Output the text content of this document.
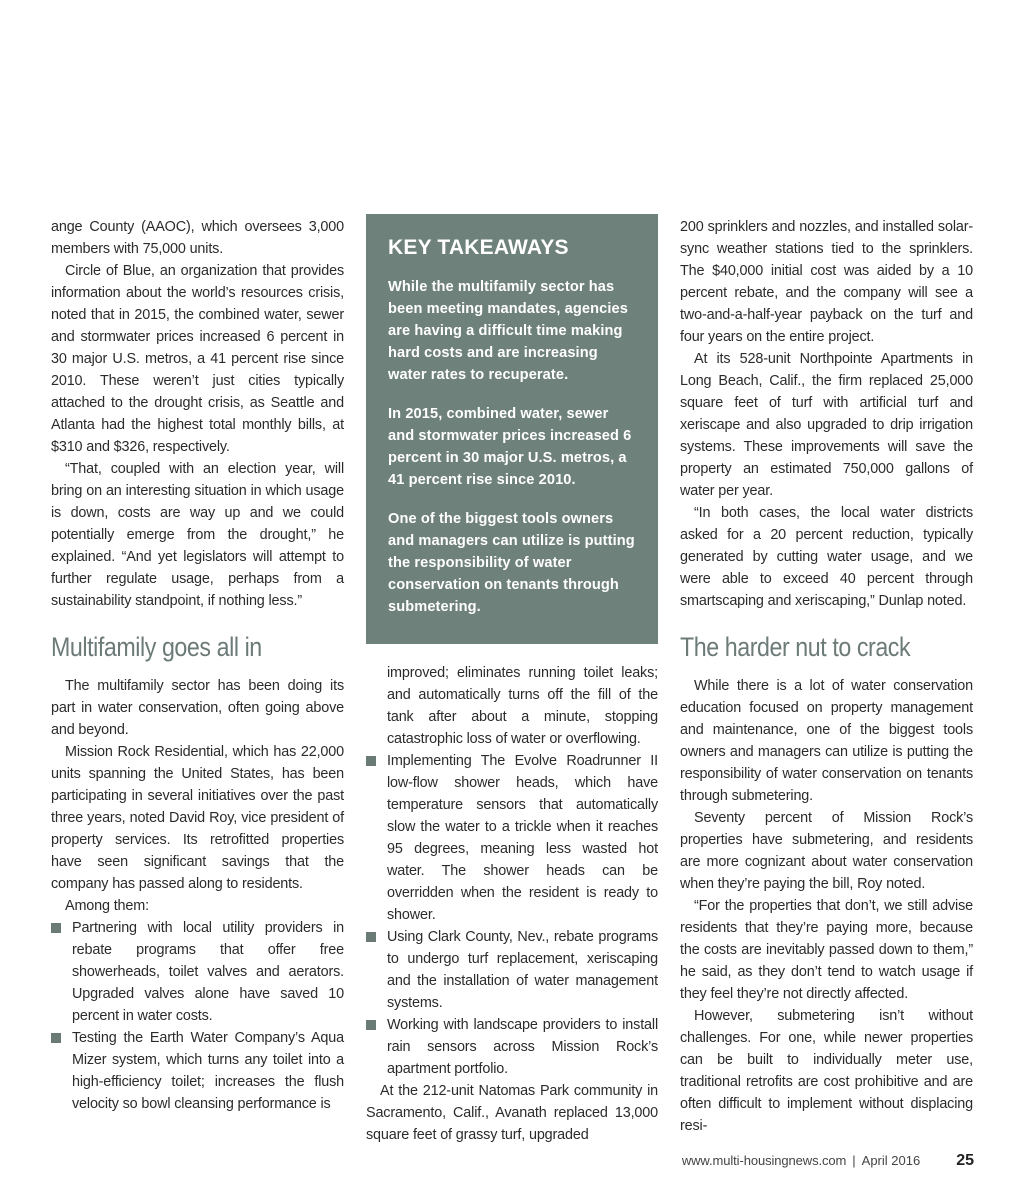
ange County (AAOC), which oversees 3,000 members with 75,000 units.

Circle of Blue, an organization that provides information about the world’s resources crisis, noted that in 2015, the combined water, sewer and stormwater prices increased 6 percent in 30 major U.S. metros, a 41 percent rise since 2010. These weren’t just cities typically attached to the drought crisis, as Seattle and Atlanta had the highest total monthly bills, at $310 and $326, respectively.

“That, coupled with an election year, will bring on an interesting situation in which usage is down, costs are way up and we could potentially emerge from the drought,” he explained. “And yet legislators will attempt to further regulate usage, perhaps from a sustainability standpoint, if nothing less.”

Multifamily goes all in

The multifamily sector has been doing its part in water conservation, often going above and beyond.

Mission Rock Residential, which has 22,000 units spanning the United States, has been participating in several initiatives over the past three years, noted David Roy, vice president of property services. Its retrofitted properties have seen significant savings that the company has passed along to residents.

Among them:

Partnering with local utility providers in rebate programs that offer free showerheads, toilet valves and aerators. Upgraded valves alone have saved 10 percent in water costs.
Testing the Earth Water Company’s Aqua Mizer system, which turns any toilet into a high-efficiency toilet; increases the flush velocity so bowl cleansing performance is
KEY TAKEAWAYS

While the multifamily sector has been meeting mandates, agencies are having a difficult time making hard costs and are increasing water rates to recuperate.

In 2015, combined water, sewer and stormwater prices increased 6 percent in 30 major U.S. metros, a 41 percent rise since 2010.

One of the biggest tools owners and managers can utilize is putting the responsibility of water conservation on tenants through submetering.

improved; eliminates running toilet leaks; and automatically turns off the fill of the tank after about a minute, stopping catastrophic loss of water or overflowing.
Implementing The Evolve Roadrunner II low-flow shower heads, which have temperature sensors that automatically slow the water to a trickle when it reaches 95 degrees, meaning less wasted hot water. The shower heads can be overridden when the resident is ready to shower.
Using Clark County, Nev., rebate programs to undergo turf replacement, xeriscaping and the installation of water management systems.
Working with landscape providers to install rain sensors across Mission Rock’s apartment portfolio.

At the 212-unit Natomas Park community in Sacramento, Calif., Avanath replaced 13,000 square feet of grassy turf, upgraded

200 sprinklers and nozzles, and installed solar-sync weather stations tied to the sprinklers. The $40,000 initial cost was aided by a 10 percent rebate, and the company will see a two-and-a-half-year payback on the turf and four years on the entire project.

At its 528-unit Northpointe Apartments in Long Beach, Calif., the firm replaced 25,000 square feet of turf with artificial turf and xeriscape and also upgraded to drip irrigation systems. These improvements will save the property an estimated 750,000 gallons of water per year.

“In both cases, the local water districts asked for a 20 percent reduction, typically generated by cutting water usage, and we were able to exceed 40 percent through smartscaping and xeriscaping,” Dunlap noted.

The harder nut to crack

While there is a lot of water conservation education focused on property management and maintenance, one of the biggest tools owners and managers can utilize is putting the responsibility of water conservation on tenants through submetering.

Seventy percent of Mission Rock’s properties have submetering, and residents are more cognizant about water conservation when they’re paying the bill, Roy noted.

“For the properties that don’t, we still advise residents that they’re paying more, because the costs are inevitably passed down to them,” he said, as they don’t tend to watch usage if they feel they’re not directly affected.

However, submetering isn’t without challenges. For one, while newer properties can be built to individually meter use, traditional retrofits are cost prohibitive and are often difficult to implement without displacing resi-

www.multi-housingnews.com | April 2016 25
